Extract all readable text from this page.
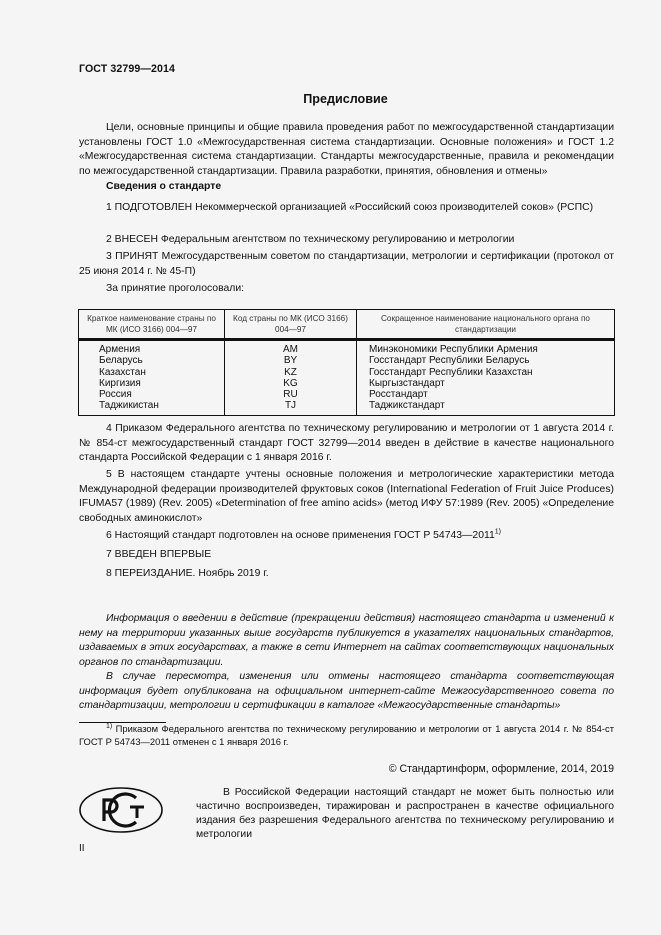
ГОСТ 32799—2014
Предисловие

Цели, основные принципы и общие правила проведения работ по межгосударственной стандартизации установлены ГОСТ 1.0 «Межгосударственная система стандартизации. Основные положения» и ГОСТ 1.2 «Межгосударственная система стандартизации. Стандарты межгосударственные, правила и рекомендации по межгосударственной стандартизации. Правила разработки, принятия, обновления и отмены»

Сведения о стандарте

1 ПОДГОТОВЛЕН Некоммерческой организацией «Российский союз производителей соков» (РСПС)

2 ВНЕСЕН Федеральным агентством по техническому регулированию и метрологии

3 ПРИНЯТ Межгосударственным советом по стандартизации, метрологии и сертификации (протокол от 25 июня 2014 г. № 45-П)

За принятие проголосовали:

Краткое наименование страны по МК (ИСО 3166) 004—97	Код страны по МК (ИСО 3166) 004—97	Сокращенное наименование национального органа по стандартизации
Армения	AM	Минэкономики Республики Армения
Беларусь	BY	Госстандарт Республики Беларусь
Казахстан	KZ	Госстандарт Республики Казахстан
Киргизия	KG	Кыргызстандарт
Россия	RU	Росстандарт
Таджикистан	TJ	Таджикстандарт

4 Приказом Федерального агентства по техническому регулированию и метрологии от 1 августа 2014 г. № 854-ст межгосударственный стандарт ГОСТ 32799—2014 введен в действие в качестве национального стандарта Российской Федерации с 1 января 2016 г.

5 В настоящем стандарте учтены основные положения и метрологические характеристики метода Международной федерации производителей фруктовых соков (International Federation of Fruit Juice Produces) IFUMA57 (1989) (Rev. 2005) «Determination of free amino acids» (метод ИФУ 57:1989 (Rev. 2005) «Определение свободных аминокислот»

6 Настоящий стандарт подготовлен на основе применения ГОСТ Р 54743—2011$^{1)}$

7 ВВЕДЕН ВПЕРВЫЕ

8 ПЕРЕИЗДАНИЕ. Ноябрь 2019 г.

Информация о введении в действие (прекращении действия) настоящего стандарта и изменений к нему на территории указанных выше государств публикуется в указателях национальных стандартов, издаваемых в этих государствах, а также в сети Интернет на сайтах соответствующих национальных органов по стандартизации.

В случае пересмотра, изменения или отмены настоящего стандарта соответствующая информация будет опубликована на официальном интернет-сайте Межгосударственного совета по стандартизации, метрологии и сертификации в каталоге «Межгосударственные стандарты»

$^{1)}$ Приказом Федерального агентства по техническому регулированию и метрологии от 1 августа 2014 г. № 854-ст ГОСТ Р 54743—2011 отменен с 1 января 2016 г.

© Стандартинформ, оформление, 2014, 2019

В Российской Федерации настоящий стандарт не может быть полностью или частично воспроизведен, тиражирован и распространен в качестве официального издания без разрешения Федерального агентства по техническому регулированию и метрологии

II
